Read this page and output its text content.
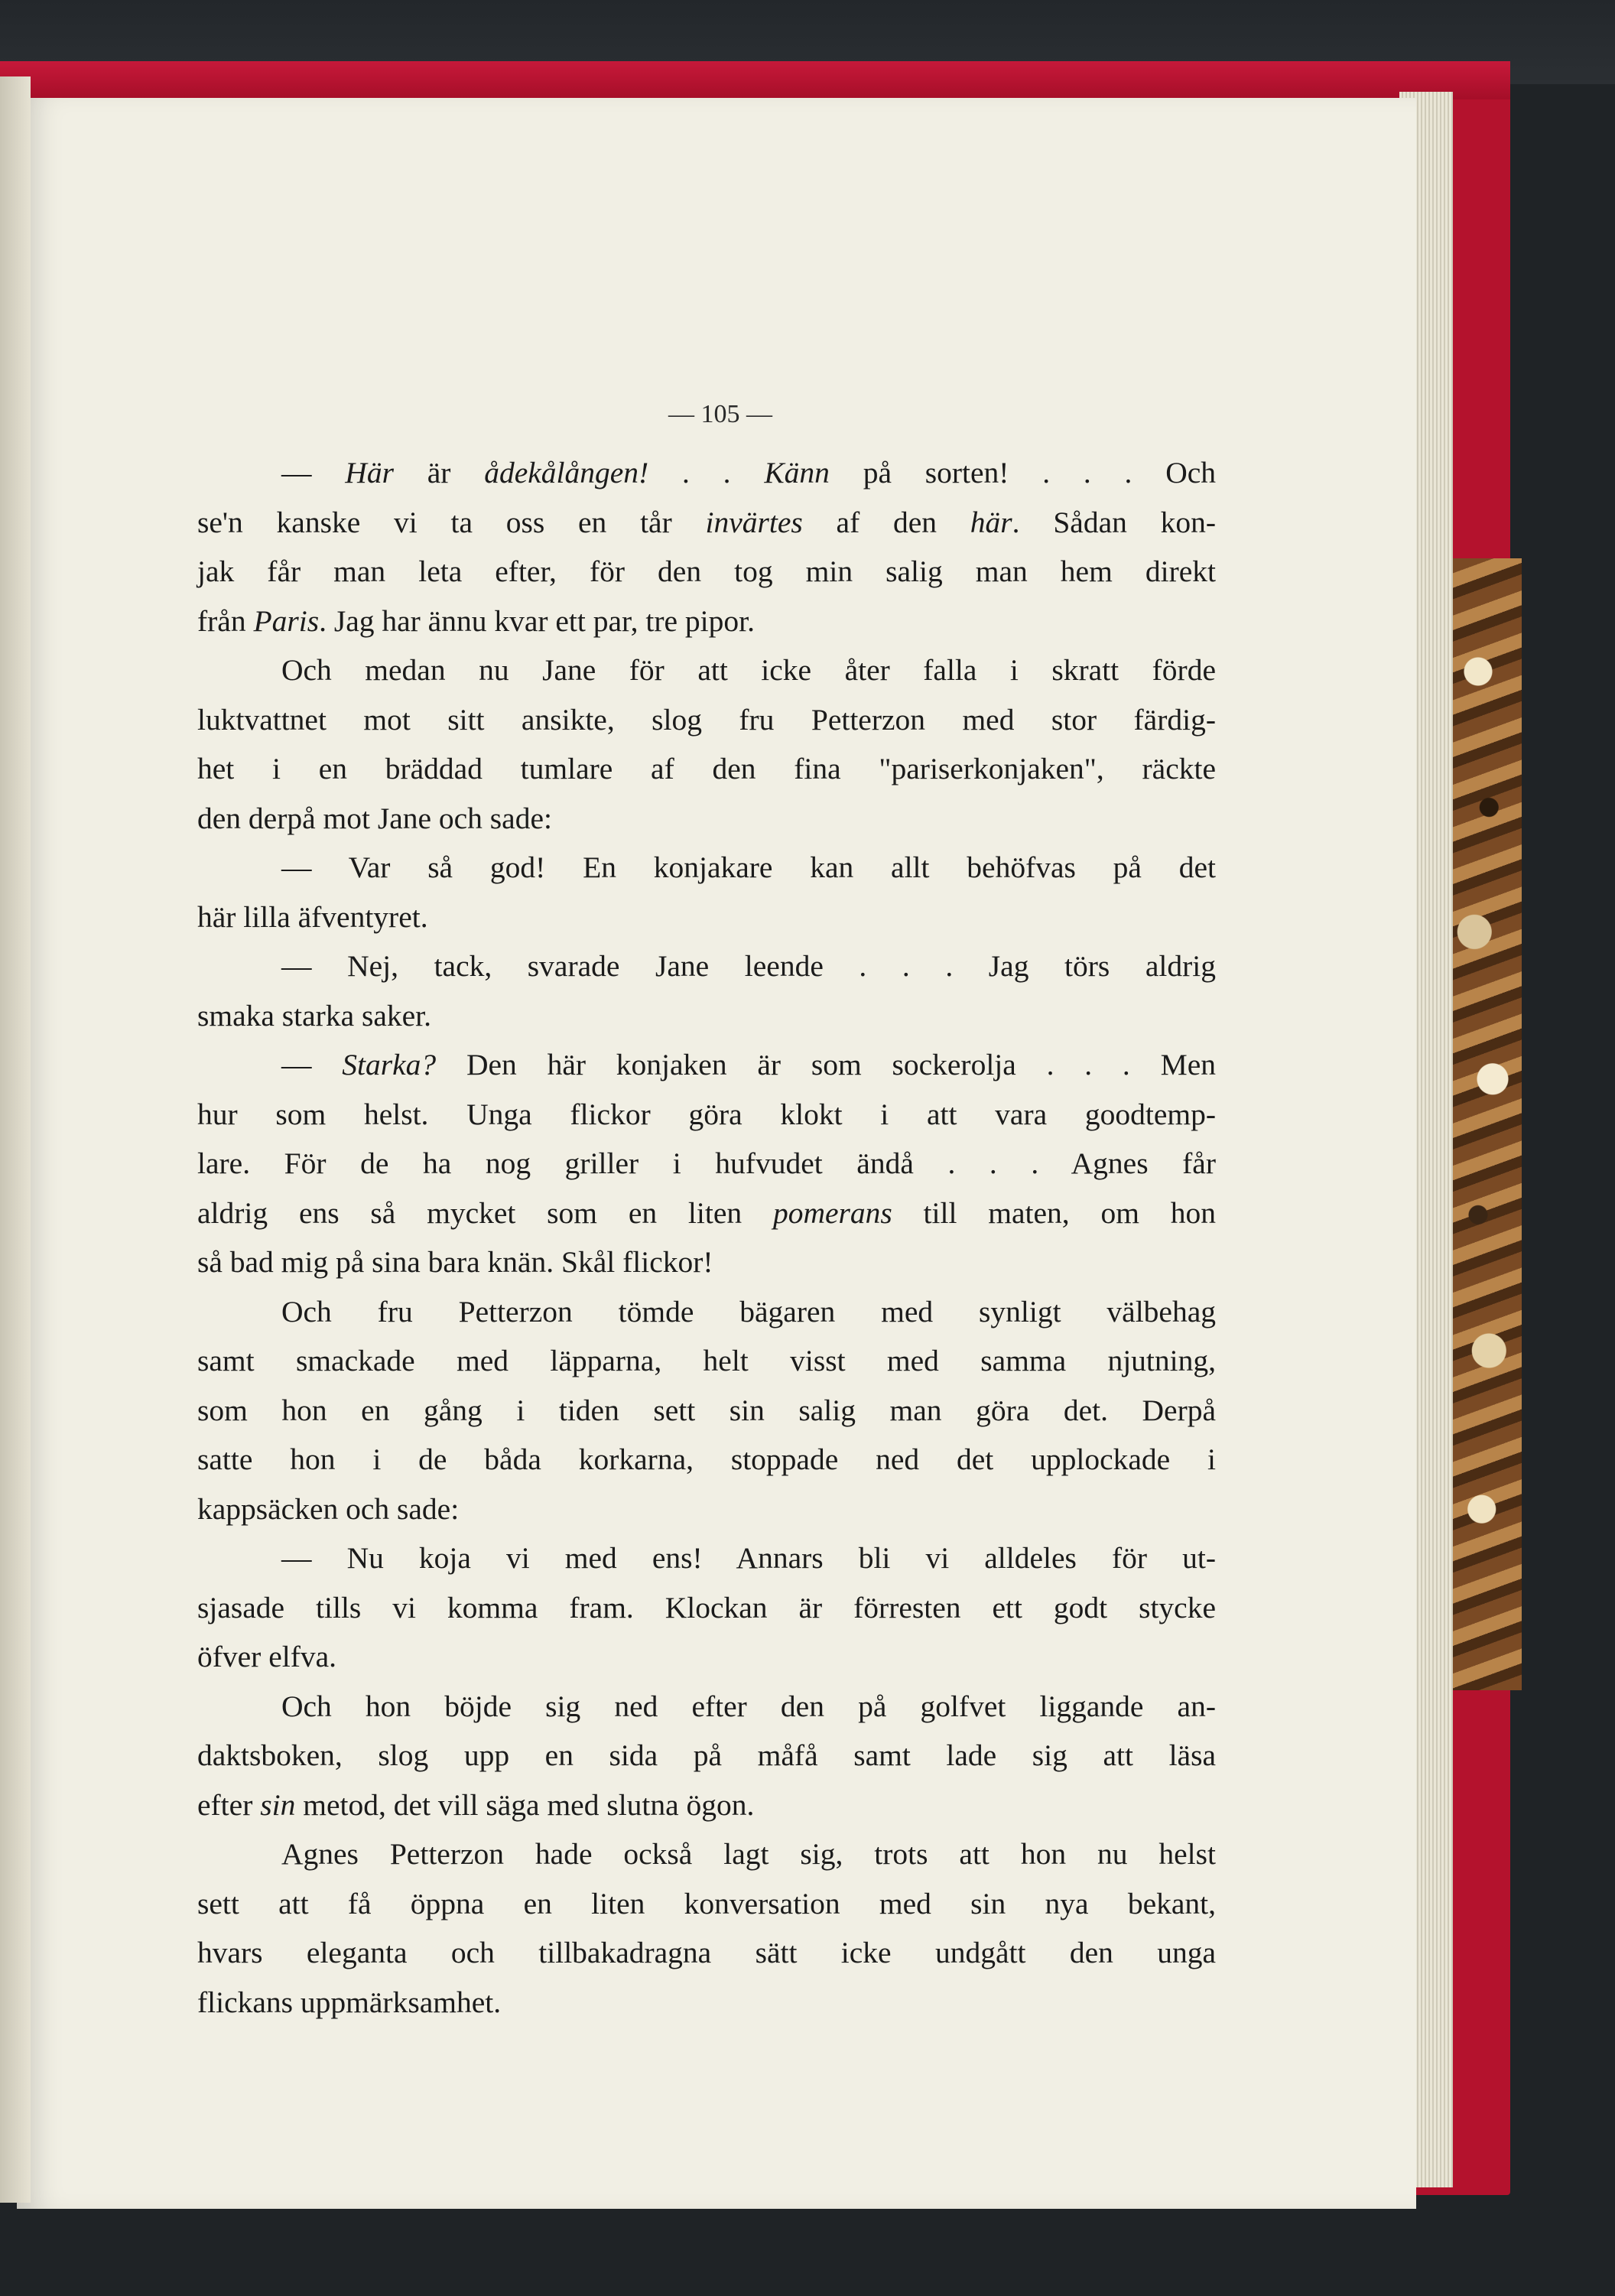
— 105 —
— Här är ådekålången! . . Känn på sorten! . . . Och
se'n kanske vi ta oss en tår invärtes af den här. Sådan kon-
jak får man leta efter, för den tog min salig man hem direkt
från Paris. Jag har ännu kvar ett par, tre pipor.
Och medan nu Jane för att icke åter falla i skratt förde
luktvattnet mot sitt ansikte, slog fru Petterzon med stor färdig-
het i en bräddad tumlare af den fina "pariserkonjaken", räckte
den derpå mot Jane och sade:
— Var så god! En konjakare kan allt behöfvas på det
här lilla äfventyret.
— Nej, tack, svarade Jane leende . . . Jag törs aldrig
smaka starka saker.
— Starka? Den här konjaken är som sockerolja . . . Men
hur som helst. Unga flickor göra klokt i att vara goodtemp-
lare. För de ha nog griller i hufvudet ändå . . . Agnes får
aldrig ens så mycket som en liten pomerans till maten, om hon
så bad mig på sina bara knän. Skål flickor!
Och fru Petterzon tömde bägaren med synligt välbehag
samt smackade med läpparna, helt visst med samma njutning,
som hon en gång i tiden sett sin salig man göra det. Derpå
satte hon i de båda korkarna, stoppade ned det upplockade i
kappsäcken och sade:
— Nu koja vi med ens! Annars bli vi alldeles för ut-
sjasade tills vi komma fram. Klockan är förresten ett godt stycke
öfver elfva.
Och hon böjde sig ned efter den på golfvet liggande an-
daktsboken, slog upp en sida på måfå samt lade sig att läsa
efter sin metod, det vill säga med slutna ögon.
Agnes Petterzon hade också lagt sig, trots att hon nu helst
sett att få öppna en liten konversation med sin nya bekant,
hvars eleganta och tillbakadragna sätt icke undgått den unga
flickans uppmärksamhet.
